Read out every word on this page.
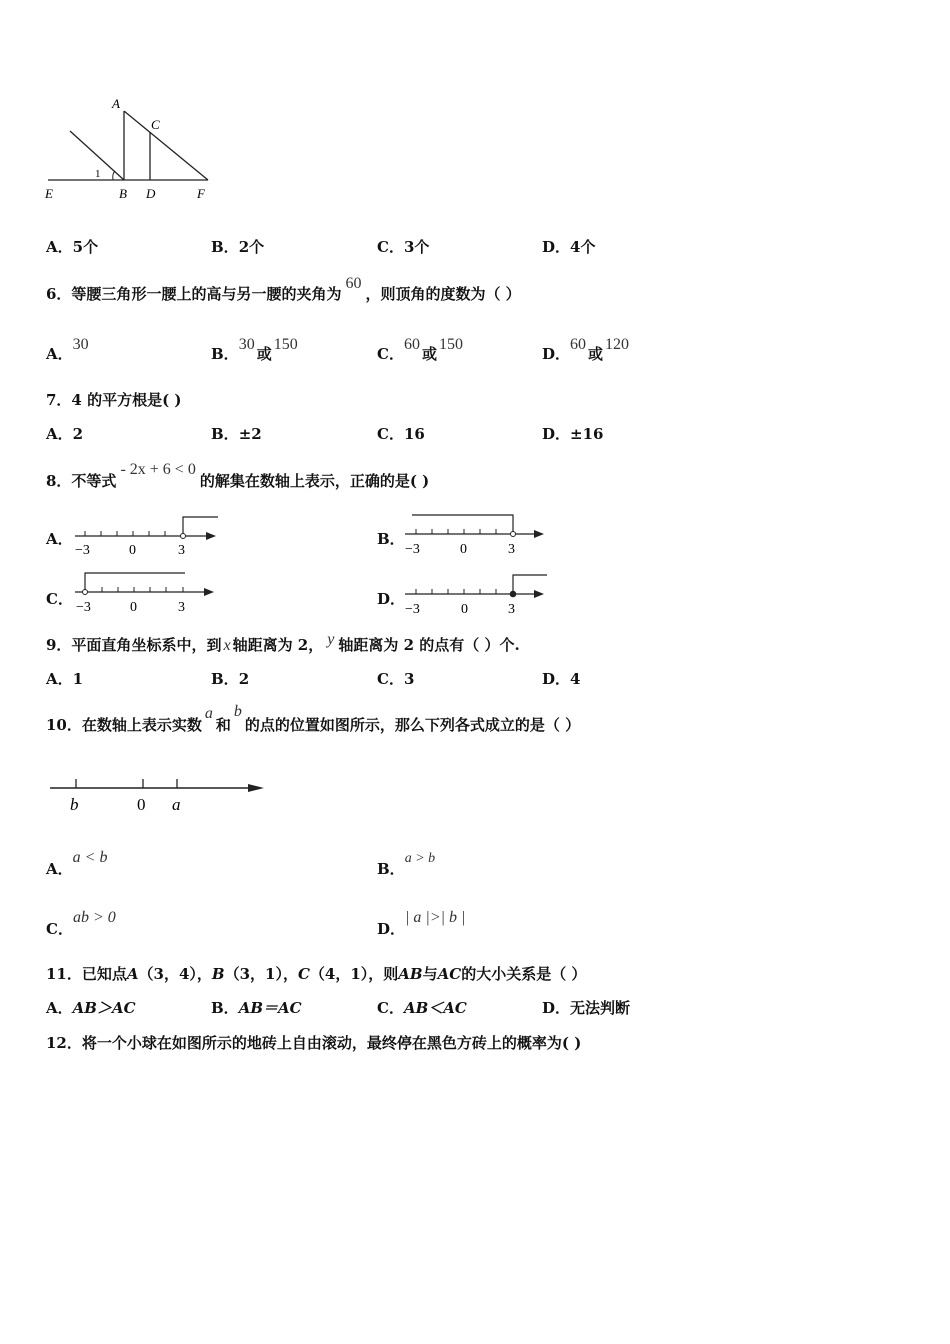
A
C
1
E	B D	F
A．5个	B．2个	C．3个	D．4个
6．等腰三角形一腰上的高与另一腰的夹角为60，则顶角的度数为（ ）
A．30
B．30或150
C．60或150
D．60或120
7．4 的平方根是( )
A．2	B．±2	C．16	D．±16
8．不等式- 2x + 6 < 0的解集在数轴上表示，正确的是( )
A．
−3	0	3
B．
−3	0	3
C． −3	0	3	D．
−3	0	3
9．平面直角坐标系中，到 x 轴距离为 2， y 轴距离为 2 的点有（ ）个.
A．1	B．2	C．3	D．4
10．在数轴上表示实数a和b的点的位置如图所示，那么下列各式成立的是（ ）
b	0 a
A．a < b
B．a > b
C．ab > 0
D．| a |>| b |
11．已知点A（3，4），B（3，1），C（4，1），则AB与AC的大小关系是（ ）
A．AB＞AC	B．AB＝AC	C．AB＜AC	D．无法判断
12．将一个小球在如图所示的地砖上自由滚动，最终停在黑色方砖上的概率为( )
